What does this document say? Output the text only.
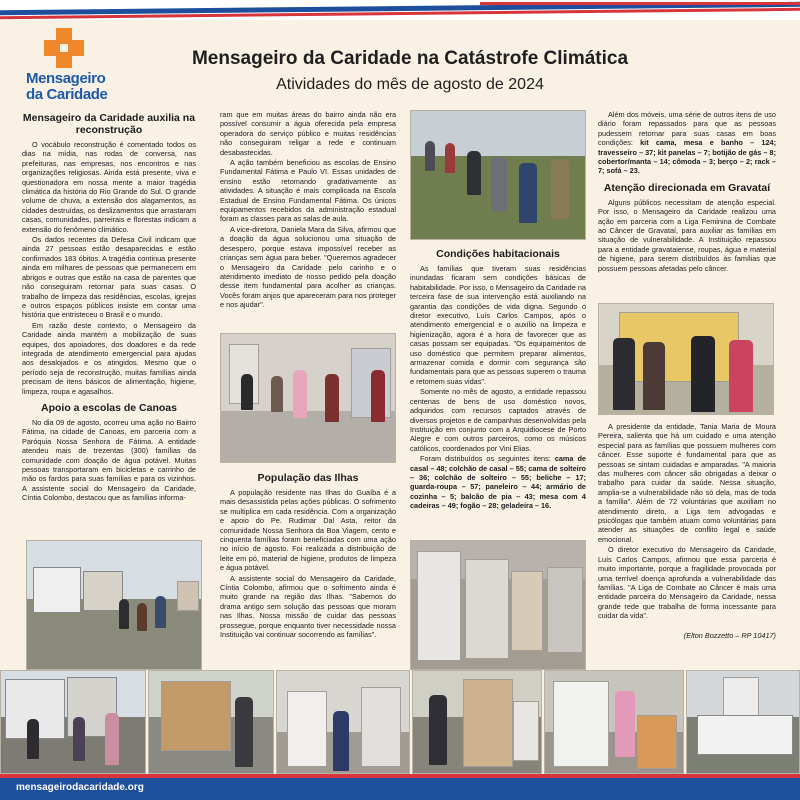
Mensageiro
da Caridade
Mensageiro da Caridade na Catástrofe Climática
Atividades do mês de agosto de 2024
Mensageiro da Caridade auxilia na reconstrução

O vocábulo reconstrução é comentado todos os dias na mídia, nas rodas de conversa, nas prefeituras, nas empresas, nos encontros e nas organizações religiosas. Ainda está presente, viva e questionadora em nossa mente a maior tragédia climática da história do Rio Grande do Sul. O grande volume de chuva, a extensão dos alagamentos, as cidades destruídas, os deslizamentos que arrastaram casas, comunidades, parreirais e florestas indicam a extensão do fenômeno climático.

Os dados recentes da Defesa Civil indicam que ainda 27 pessoas estão desaparecidas e estão confirmados 183 óbitos. A tragédia continua presente ainda em milhares de pessoas que permanecem em abrigos e outras que estão na casa de parentes que não conseguiram retornar para suas casas. O trabalho de limpeza das residências, escolas, igrejas e outros espaços públicos insiste em contar uma história que entristeceu o Brasil e o mundo.

Em razão deste contexto, o Mensageiro da Caridade ainda mantém a mobilização de suas equipes, dos apoiadores, dos doadores e da rede integrada de atendimento emergencial para ajudas aos desalojados e os atingidos. Mesmo que o período seja de reconstrução, muitas famílias ainda precisam de itens básicos de alimentação, higiene, limpeza, roupa e agasalhos.

Apoio a escolas de Canoas

No dia 09 de agosto, ocorreu uma ação no Bairro Fátima, na cidade de Canoas, em parceria com a Paróquia Nossa Senhora de Fátima. A entidade atendeu mais de trezentas (300) famílias da comunidade com doação de água potável. Muitas pessoas transportaram em bicicletas e carrinho de mão os fardos para suas famílias e para os vizinhos. A assistente social do Mensageiro da Caridade, Cíntia Colombo, destacou que as famílias informa-

ram que em muitas áreas do bairro ainda não era possível consumir a água oferecida pela empresa operadora do serviço público e muitas residências não conseguiram religar a rede e continuam desabastecidas.

A ação também beneficiou as escolas de Ensino Fundamental Fátima e Paulo VI. Essas unidades de ensino estão retomando gradativamente as atividades. A situação é mais complicada na Escola Estadual de Ensino Fundamental Fátima. Os únicos equipamentos recebidos da administração estadual foram as classes para as salas de aula.

A vice-diretora, Daniela Mara da Silva, afirmou que a doação da água solucionou uma situação de desespero, porque estava impossível receber as crianças sem água para beber. "Queremos agradecer o Mensageiro da Caridade pelo carinho e o atendimento imediato de nosso pedido pela doação desse item fundamental para acolher as crianças. Vocês foram anjos que apareceram para nos proteger e nos ajudar".

População das Ilhas

A população residente nas Ilhas do Guaíba é a mais desassistida pelas ações públicas. O sofrimento se multiplica em cada residência. Com a organização e apoio do Pe. Rudimar Dal Asta, reitor da comunidade Nossa Senhora da Boa Viagem, cento e cinquenta famílias foram beneficiadas com uma ação no início de agosto. Foi realizada a distribuição de leite em pó, material de higiene, produtos de limpeza e água potável.

A assistente social do Mensageiro da Caridade, Cíntia Colombo, afirmou que o sofrimento ainda é muito grande na região das Ilhas. "Sabemos do drama antigo sem solução das pessoas que moram nas Ilhas. Nossa missão de cuidar das pessoas prossegue, porque enquanto tiver necessidade nossa Instituição vai continuar socorrendo as famílias".

Condições habitacionais

As famílias que tiveram suas residências inundadas ficaram sem condições básicas de habitabilidade. Por isso, o Mensageiro da Caridade na terceira fase de sua intervenção está auxiliando na garantia das condições de vida digna. Segundo o diretor executivo, Luís Carlos Campos, após o atendimento emergencial e o auxílio na limpeza e higienização, agora é a hora de favorecer que as casas possam ser equipadas. "Os equipamentos de uso doméstico que permitem preparar alimentos, armazenar comida e dormir com segurança são fundamentais para que as pessoas superem o trauma e retomem suas vidas".

Somente no mês de agosto, a entidade repassou centenas de bens de uso doméstico novos, adquiridos com recursos captados através de diversos projetos e de campanhas desenvolvidas pela Instituição em conjunto com a Arquidiocese de Porto Alegre e com outros parceiros, como os músicos católicos, coordenados por Vini Elias.

Foram distribuídos os seguintes itens: cama de casal – 48; colchão de casal – 55; cama de solteiro – 36; colchão de solteiro – 55; beliche – 17; guarda-roupa – 57; paneleiro – 44; armário de cozinha – 5; balcão de pia – 43; mesa com 4 cadeiras – 49; fogão – 28; geladeira – 16.

Além dos móveis, uma série de outros itens de uso diário foram repassados para que as pessoas pudessem retornar para suas casas em boas condições: kit cama, mesa e banho – 124; travesseiro – 37; kit panelas – 7; botijão de gás – 8; cobertor/manta – 14; cômoda – 3; berço – 2; rack – 7; sofá – 23.

Atenção direcionada em Gravataí

Alguns públicos necessitam de atenção especial. Por isso, o Mensageiro da Caridade realizou uma ação em parceria com a Liga Feminina de Combate ao Câncer de Gravataí, para auxiliar as famílias em situação de vulnerabilidade. A Instituição repassou para a entidade gravataiense, roupas, água e material de higiene, para serem distribuídos às famílias que possuem pessoas afetadas pelo câncer.

A presidente da entidade, Tania Maria de Moura Pereira, salienta que há um cuidado e uma atenção especial para as famílias que possuem mulheres com câncer. Esse suporte é fundamental para que as pessoas se sintam cuidadas e amparadas. "A maioria das mulheres com câncer são obrigadas a deixar o trabalho para cuidar da saúde. Nessa situação, amplia-se a vulnerabilidade não só dela, mas de toda a família". Além de 72 voluntárias que auxiliam no atendimento direto, a Liga tem advogadas e psicólogas que também atuam como voluntárias para atender as situações de conflito legal e saúde emocional.

O diretor executivo do Mensageiro da Caridade, Luís Carlos Campos, afirmou que essa parceria é muito importante, porque a fragilidade provocada por uma terrível doença aprofunda a vulnerabilidade das famílias. "A Liga de Combate ao Câncer é mais uma entidade parceira do Mensageiro da Caridade, nessa grande rede que trabalha de forma incessante para cuidar da vida".

(Elton Bozzetto – RP 10417)
mensageirodacaridade.org
